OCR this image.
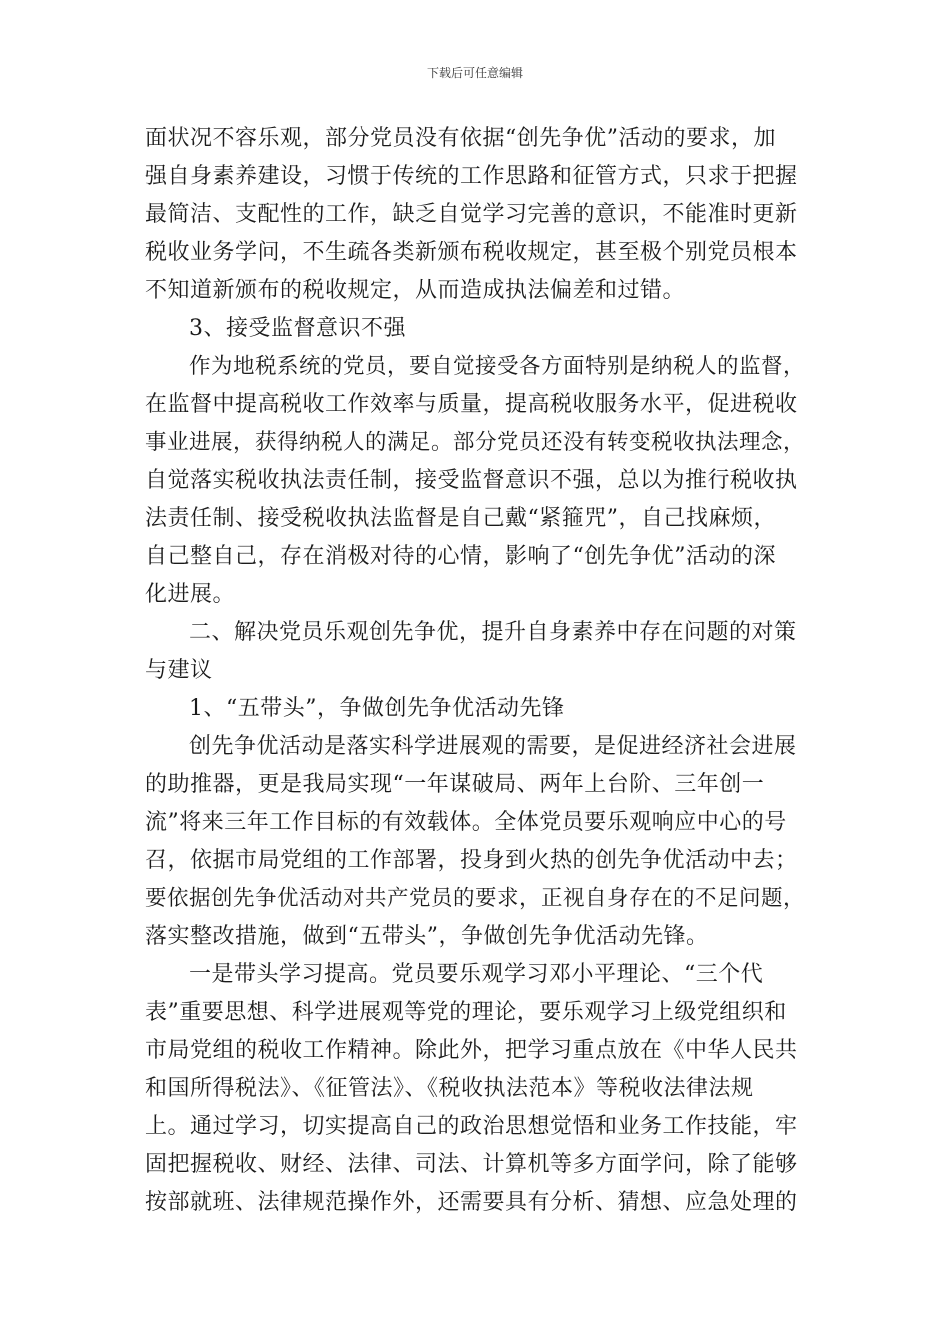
下载后可任意编辑
面状况不容乐观，部分党员没有依据“创先争优”活动的要求，加
强自身素养建设，习惯于传统的工作思路和征管方式，只求于把握
最简洁、支配性的工作，缺乏自觉学习完善的意识，不能准时更新
税收业务学问，不生疏各类新颁布税收规定，甚至极个别党员根本
不知道新颁布的税收规定，从而造成执法偏差和过错。
3、接受监督意识不强
作为地税系统的党员，要自觉接受各方面特别是纳税人的监督，
在监督中提高税收工作效率与质量，提高税收服务水平，促进税收
事业进展，获得纳税人的满足。部分党员还没有转变税收执法理念，
自觉落实税收执法责任制，接受监督意识不强，总以为推行税收执
法责任制、接受税收执法监督是自己戴“紧箍咒”，自己找麻烦，
自己整自己，存在消极对待的心情，影响了“创先争优”活动的深
化进展。
二、解决党员乐观创先争优，提升自身素养中存在问题的对策
与建议
1、“五带头”，争做创先争优活动先锋
创先争优活动是落实科学进展观的需要，是促进经济社会进展
的助推器，更是我局实现“一年谋破局、两年上台阶、三年创一
流”将来三年工作目标的有效载体。全体党员要乐观响应中心的号
召，依据市局党组的工作部署，投身到火热的创先争优活动中去；
要依据创先争优活动对共产党员的要求，正视自身存在的不足问题，
落实整改措施，做到“五带头”，争做创先争优活动先锋。
一是带头学习提高。党员要乐观学习邓小平理论、“三个代
表”重要思想、科学进展观等党的理论，要乐观学习上级党组织和
市局党组的税收工作精神。除此外，把学习重点放在《中华人民共
和国所得税法》、《征管法》、《税收执法范本》等税收法律法规
上。通过学习，切实提高自己的政治思想觉悟和业务工作技能，牢
固把握税收、财经、法律、司法、计算机等多方面学问，除了能够
按部就班、法律规范操作外，还需要具有分析、猜想、应急处理的
